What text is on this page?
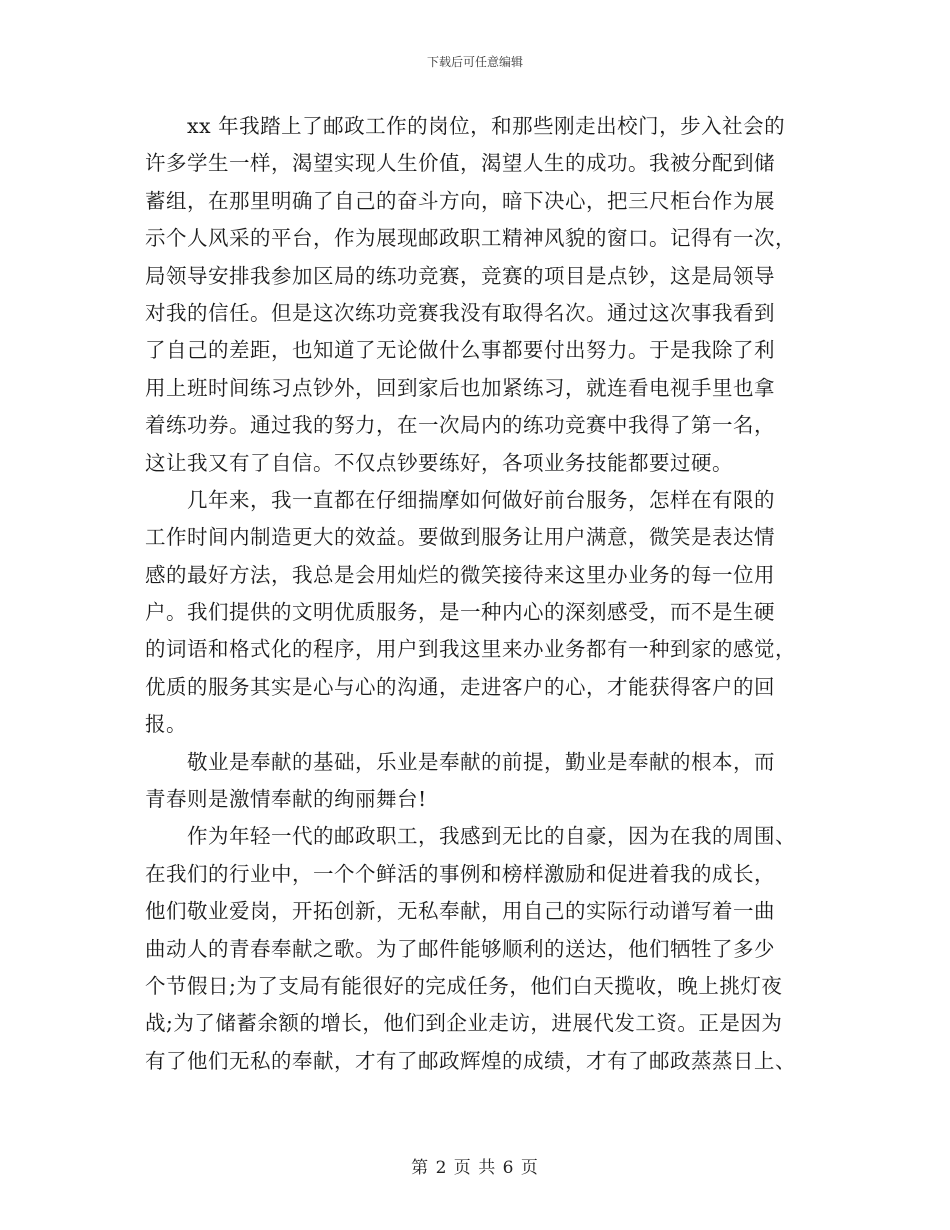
下载后可任意编辑
xx 年我踏上了邮政工作的岗位，和那些刚走出校门，步入社会的
许多学生一样，渴望实现人生价值，渴望人生的成功。我被分配到储
蓄组，在那里明确了自己的奋斗方向，暗下决心，把三尺柜台作为展
示个人风采的平台，作为展现邮政职工精神风貌的窗口。记得有一次，
局领导安排我参加区局的练功竞赛，竞赛的项目是点钞，这是局领导
对我的信任。但是这次练功竞赛我没有取得名次。通过这次事我看到
了自己的差距，也知道了无论做什么事都要付出努力。于是我除了利
用上班时间练习点钞外，回到家后也加紧练习，就连看电视手里也拿
着练功券。通过我的努力，在一次局内的练功竞赛中我得了第一名，
这让我又有了自信。不仅点钞要练好，各项业务技能都要过硬。
几年来，我一直都在仔细揣摩如何做好前台服务，怎样在有限的
工作时间内制造更大的效益。要做到服务让用户满意，微笑是表达情
感的最好方法，我总是会用灿烂的微笑接待来这里办业务的每一位用
户。我们提供的文明优质服务，是一种内心的深刻感受，而不是生硬
的词语和格式化的程序，用户到我这里来办业务都有一种到家的感觉，
优质的服务其实是心与心的沟通，走进客户的心，才能获得客户的回
报。
敬业是奉献的基础，乐业是奉献的前提，勤业是奉献的根本，而
青春则是激情奉献的绚丽舞台!
作为年轻一代的邮政职工，我感到无比的自豪，因为在我的周围、
在我们的行业中，一个个鲜活的事例和榜样激励和促进着我的成长，
他们敬业爱岗，开拓创新，无私奉献，用自己的实际行动谱写着一曲
曲动人的青春奉献之歌。为了邮件能够顺利的送达，他们牺牲了多少
个节假日;为了支局有能很好的完成任务，他们白天揽收，晚上挑灯夜
战;为了储蓄余额的增长，他们到企业走访，进展代发工资。正是因为
有了他们无私的奉献，才有了邮政辉煌的成绩，才有了邮政蒸蒸日上、
第 2 页 共 6 页
